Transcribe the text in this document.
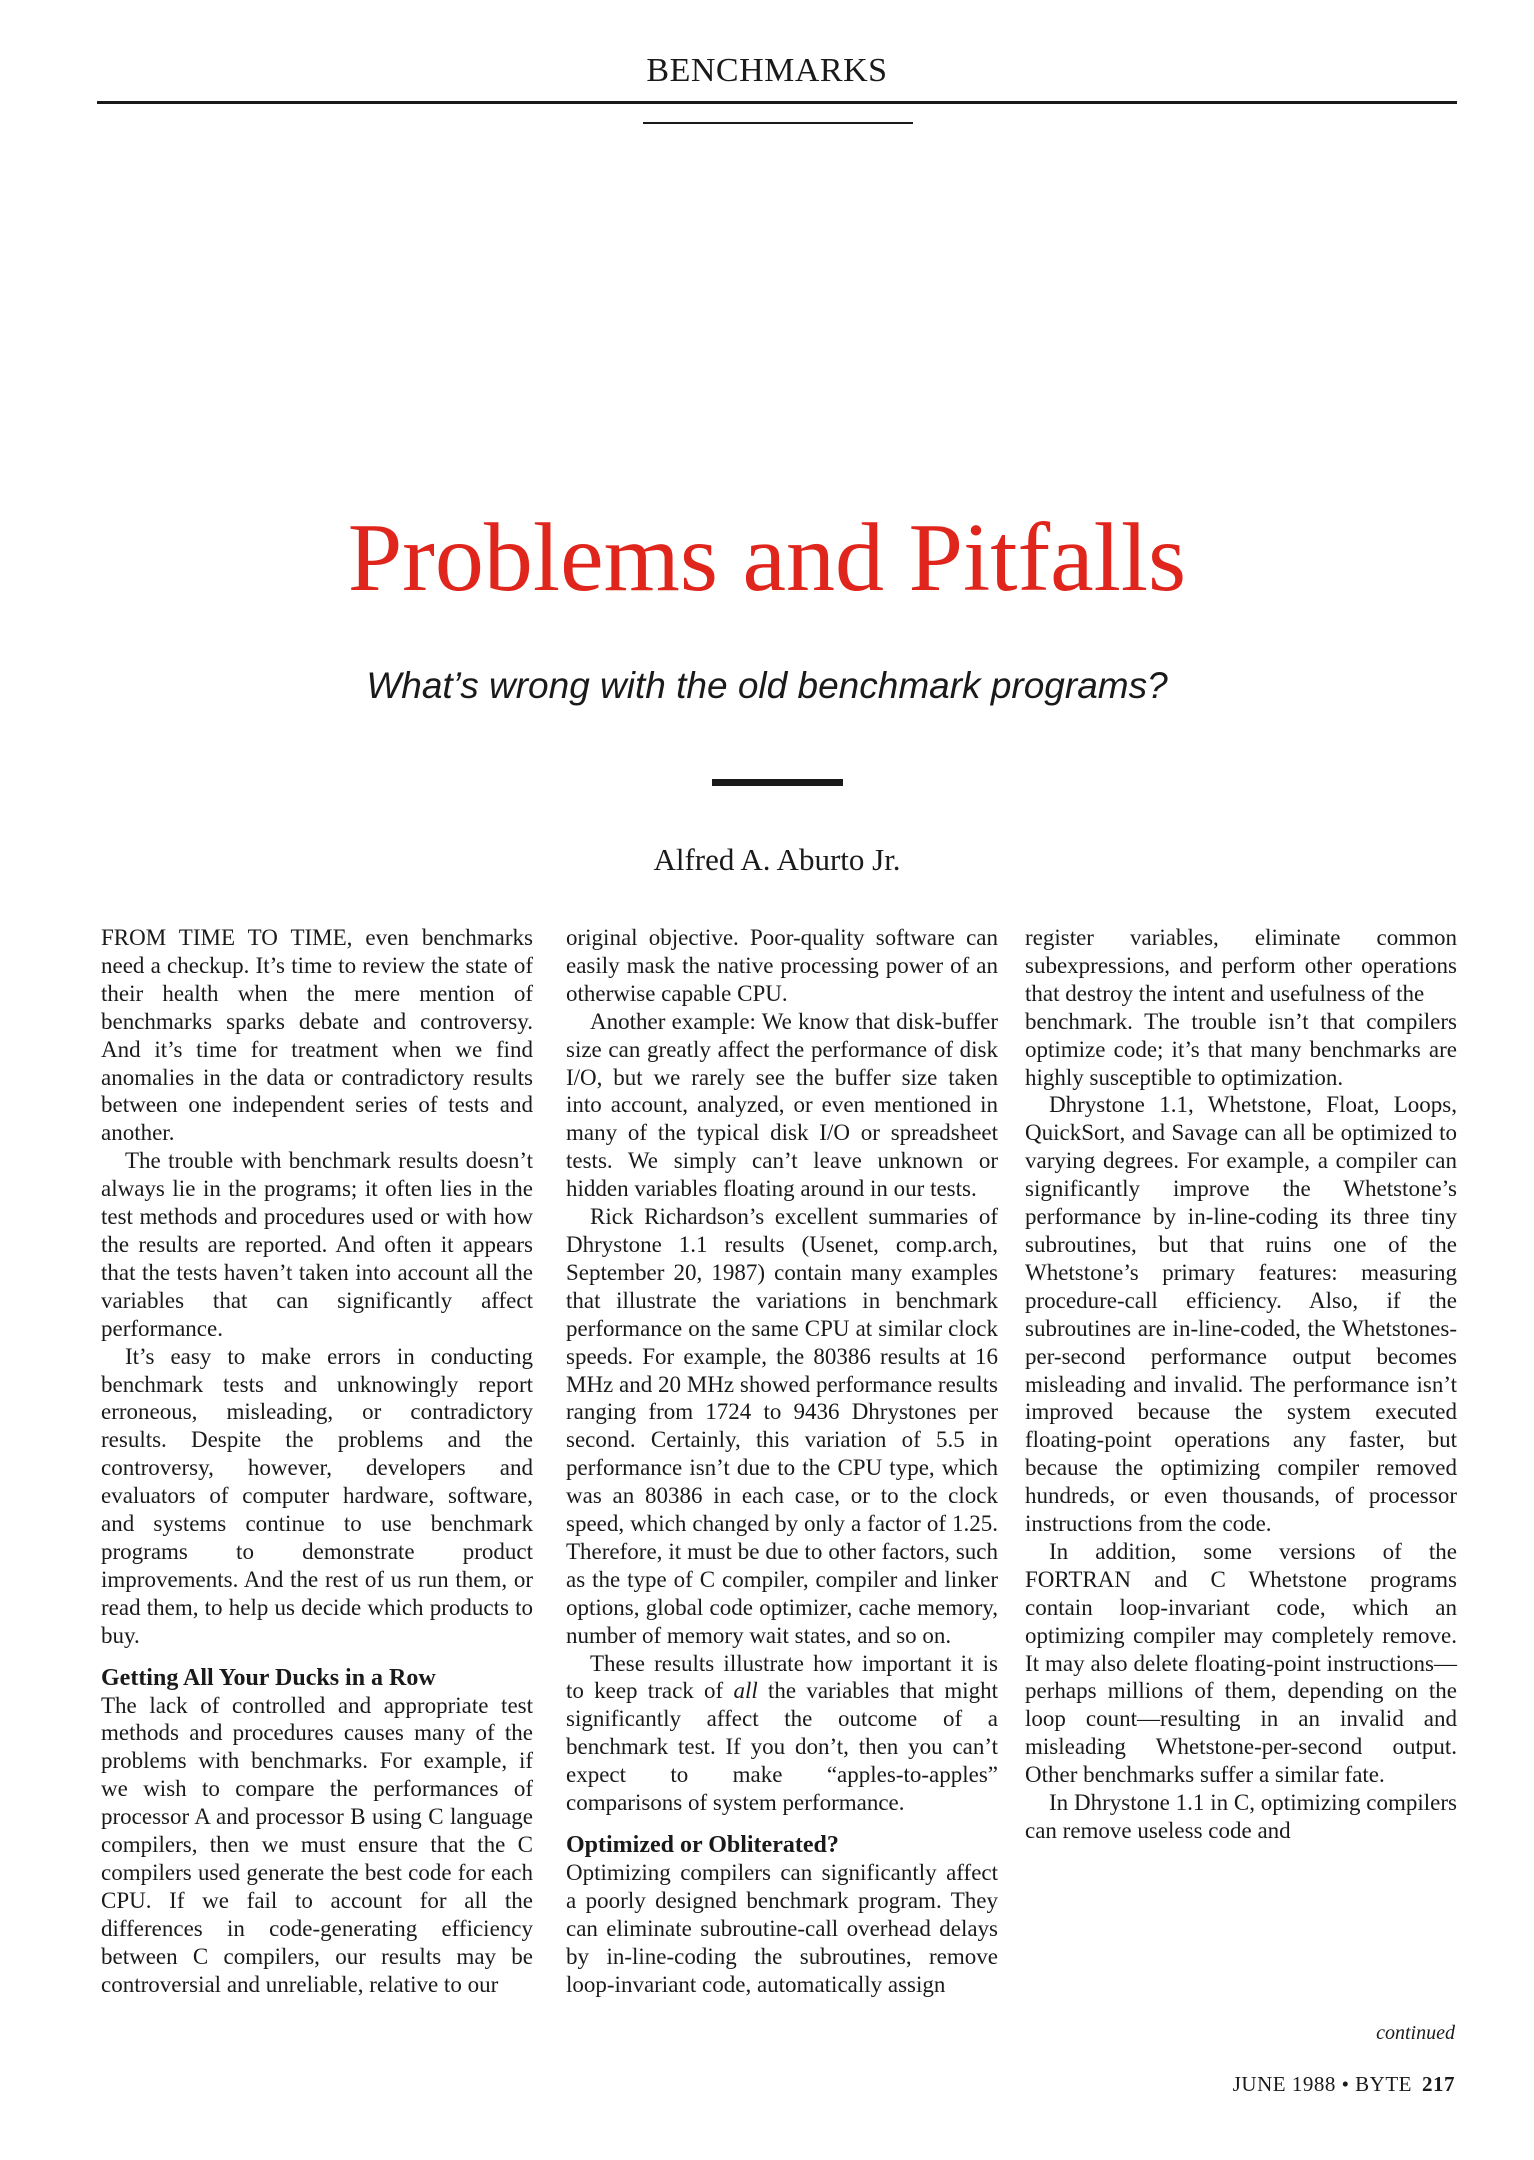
BENCHMARKS
Problems and Pitfalls
What’s wrong with the old benchmark programs?
Alfred A. Aburto Jr.

FROM TIME TO TIME, even benchmarks need a checkup. It’s time to review the state of their health when the mere mention of benchmarks sparks debate and controversy. And it’s time for treatment when we find anomalies in the data or contradictory results between one independent series of tests and another.

The trouble with benchmark results doesn’t always lie in the programs; it often lies in the test methods and procedures used or with how the results are reported. And often it appears that the tests haven’t taken into account all the variables that can significantly affect performance.

It’s easy to make errors in conducting benchmark tests and unknowingly report erroneous, misleading, or contradictory results. Despite the problems and the controversy, however, developers and evaluators of computer hardware, software, and systems continue to use benchmark programs to demonstrate product improvements. And the rest of us run them, or read them, to help us decide which products to buy.

Getting All Your Ducks in a Row

The lack of controlled and appropriate test methods and procedures causes many of the problems with benchmarks. For example, if we wish to compare the performances of processor A and processor B using C language compilers, then we must ensure that the C compilers used generate the best code for each CPU. If we fail to account for all the differences in code-generating efficiency between C compilers, our results may be controversial and unreliable, relative to our

original objective. Poor-quality software can easily mask the native processing power of an otherwise capable CPU.

Another example: We know that disk-buffer size can greatly affect the performance of disk I/O, but we rarely see the buffer size taken into account, analyzed, or even mentioned in many of the typical disk I/O or spreadsheet tests. We simply can’t leave unknown or hidden variables floating around in our tests.

Rick Richardson’s excellent summaries of Dhrystone 1.1 results (Usenet, comp.arch, September 20, 1987) contain many examples that illustrate the variations in benchmark performance on the same CPU at similar clock speeds. For example, the 80386 results at 16 MHz and 20 MHz showed performance results ranging from 1724 to 9436 Dhrystones per second. Certainly, this variation of 5.5 in performance isn’t due to the CPU type, which was an 80386 in each case, or to the clock speed, which changed by only a factor of 1.25. Therefore, it must be due to other factors, such as the type of C compiler, compiler and linker options, global code optimizer, cache memory, number of memory wait states, and so on.

These results illustrate how important it is to keep track of all the variables that might significantly affect the outcome of a benchmark test. If you don’t, then you can’t expect to make “apples-to-apples” comparisons of system performance.

Optimized or Obliterated?

Optimizing compilers can significantly affect a poorly designed benchmark program. They can eliminate subroutine-call overhead delays by in-line-coding the subroutines, remove loop-invariant code, automatically assign

register variables, eliminate common subexpressions, and perform other operations that destroy the intent and usefulness of the

benchmark. The trouble isn’t that compilers optimize code; it’s that many benchmarks are highly susceptible to optimization.

Dhrystone 1.1, Whetstone, Float, Loops, QuickSort, and Savage can all be optimized to varying degrees. For example, a compiler can significantly improve the Whetstone’s performance by in-line-coding its three tiny subroutines, but that ruins one of the Whetstone’s primary features: measuring procedure-call efficiency. Also, if the subroutines are in-line-coded, the Whetstones-per-second performance output becomes misleading and invalid. The performance isn’t improved because the system executed floating-point operations any faster, but because the optimizing compiler removed hundreds, or even thousands, of processor instructions from the code.

In addition, some versions of the FORTRAN and C Whetstone programs contain loop-invariant code, which an optimizing compiler may completely remove. It may also delete floating-point instructions—perhaps millions of them, depending on the loop count—resulting in an invalid and misleading Whetstone-per-second output. Other benchmarks suffer a similar fate.

In Dhrystone 1.1 in C, optimizing compilers can remove useless code and

continued
JUNE 1988 • BYTE 217
